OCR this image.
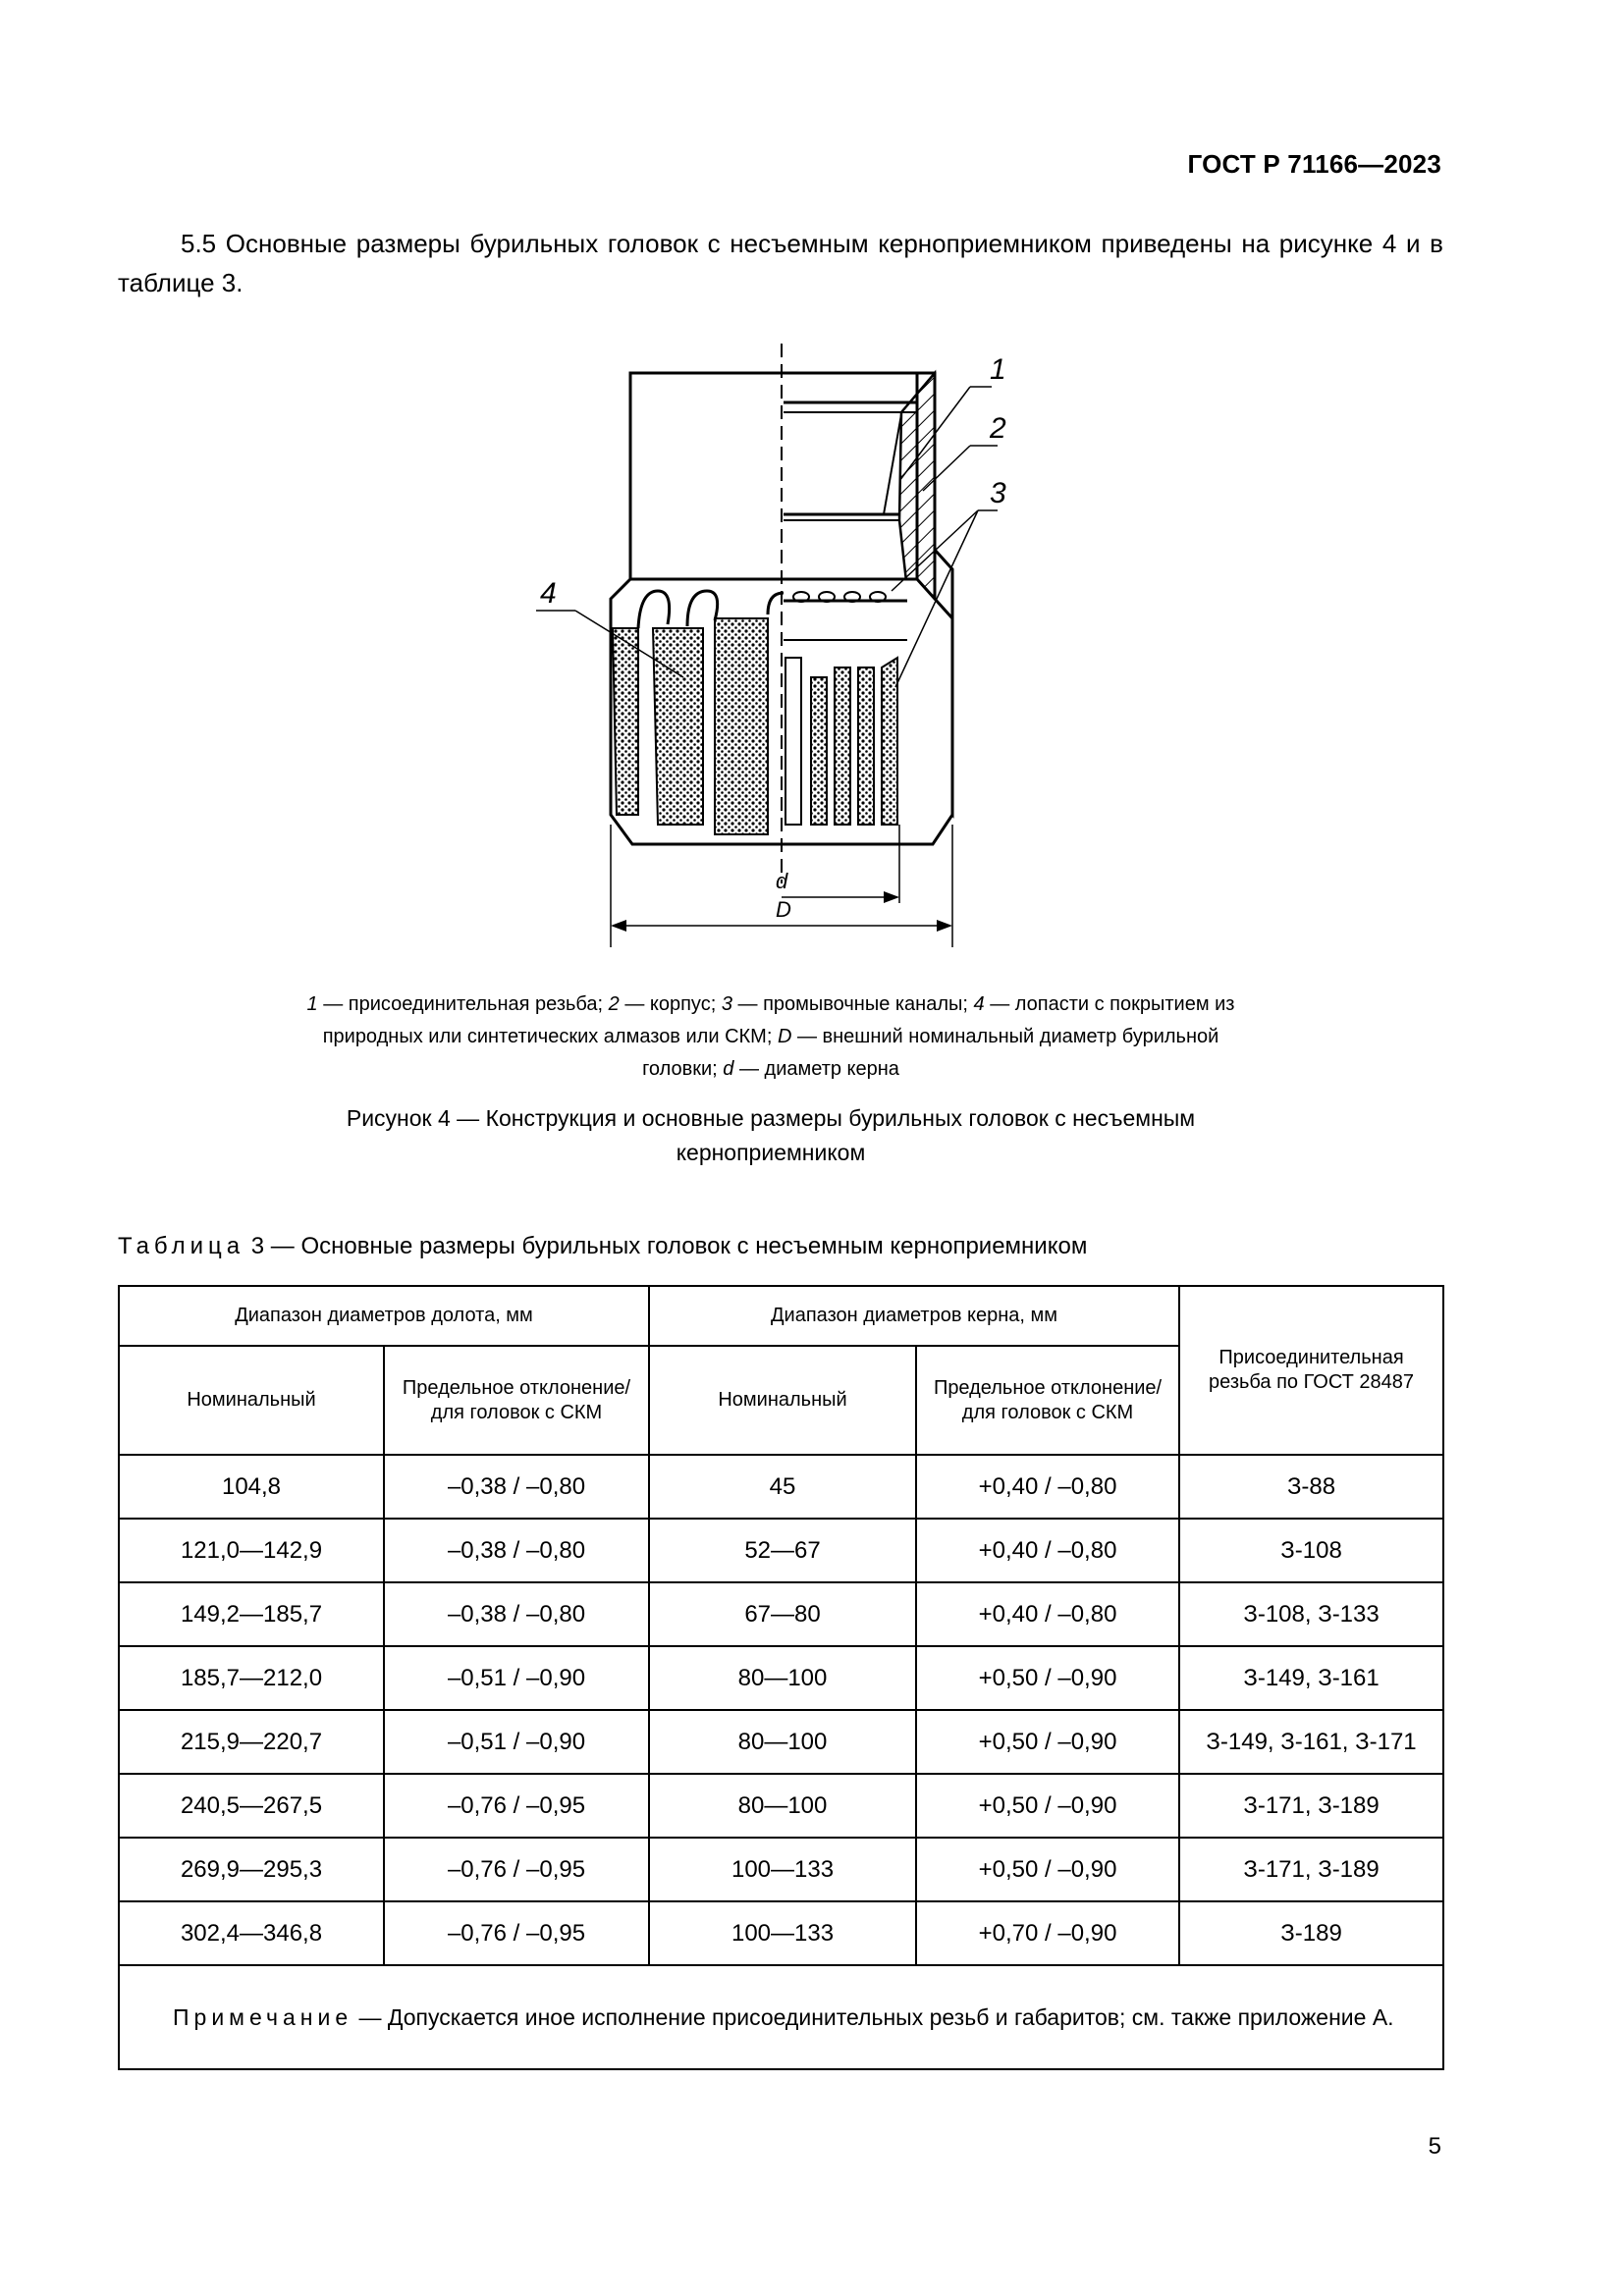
ГОСТ Р 71166—2023
5.5 Основные размеры бурильных головок с несъемным керноприемником приведены на рисунке 4 и в таблице 3.
d
D
1
2
3
4
1 — присоединительная резьба; 2 — корпус; 3 — промывочные каналы; 4 — лопасти с покрытием из природных или синтетических алмазов или СКМ; D — внешний номинальный диаметр бурильной головки; d — диаметр керна
Рисунок 4 — Конструкция и основные размеры бурильных головок с несъемным керноприемником
Таблица 3 — Основные размеры бурильных головок с несъемным керноприемником
Диапазон диаметров долота, мм		Диапазон диаметров керна, мм		Присоединительная резьба по ГОСТ 28487
Номинальный	Предельное отклонение/для головок с СКМ	Номинальный	Предельное отклонение/для головок с СКМ	
104,8	–0,38 / –0,80	45	+0,40 / –0,80	З-88
121,0—142,9	–0,38 / –0,80	52—67	+0,40 / –0,80	З-108
149,2—185,7	–0,38 / –0,80	67—80	+0,40 / –0,80	З-108, З-133
185,7—212,0	–0,51 / –0,90	80—100	+0,50 / –0,90	З-149, З-161
215,9—220,7	–0,51 / –0,90	80—100	+0,50 / –0,90	З-149, З-161, З-171
240,5—267,5	–0,76 / –0,95	80—100	+0,50 / –0,90	З-171, З-189
269,9—295,3	–0,76 / –0,95	100—133	+0,50 / –0,90	З-171, З-189
302,4—346,8	–0,76 / –0,95	100—133	+0,70 / –0,90	З-189
Примечание — Допускается иное исполнение присоединительных резьб и габаритов; см. также приложение А.				
5
